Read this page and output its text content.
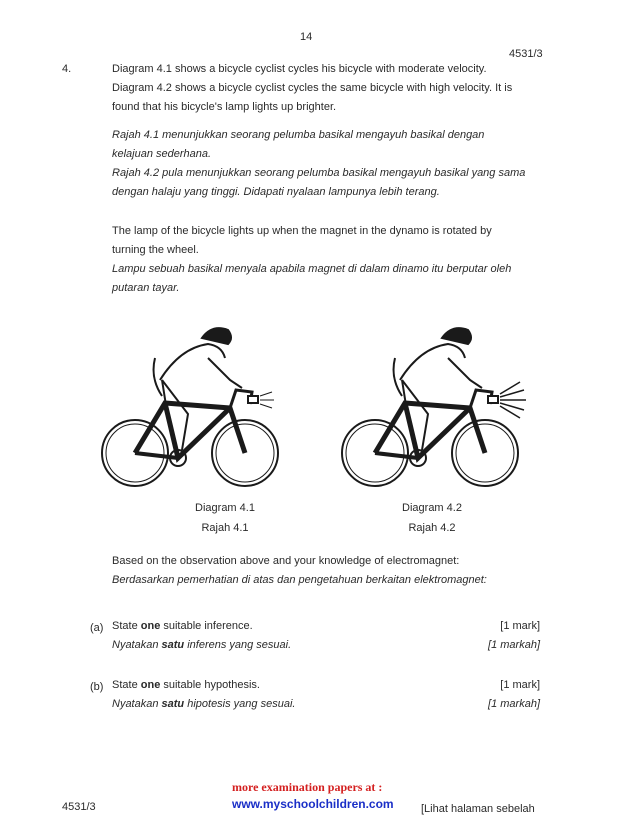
14
4531/3
4.	Diagram 4.1 shows a bicycle cyclist cycles his bicycle with moderate velocity.
Diagram 4.2 shows a bicycle cyclist cycles the same bicycle with high velocity. It is
found that his bicycle's lamp lights up brighter.
Rajah 4.1 menunjukkan seorang pelumba basikal mengayuh basikal dengan
kelajuan sederhana.
Rajah 4.2 pula menunjukkan seorang pelumba basikal mengayuh basikal yang sama
dengan halaju yang tinggi. Didapati nyalaan lampunya lebih terang.
The lamp of the bicycle lights up when the magnet in the dynamo is rotated by
turning the wheel.
Lampu sebuah basikal menyala apabila magnet di dalam dinamo itu berputar oleh
putaran tayar.
Diagram 4.1
Rajah 4.1
Diagram 4.2
Rajah 4.2
Based on the observation above and your knowledge of electromagnet:
Berdasarkan pemerhatian di atas dan pengetahuan berkaitan elektromagnet:
(a) State one suitable inference.
Nyatakan satu inferens yang sesuai.
[1 mark]
[1 markah]
(b) State one suitable hypothesis.
Nyatakan satu hipotesis yang sesuai.
[1 mark]
[1 markah]
4531/3
more examination papers at :
www.myschoolchildren.com [Lihat halaman sebelah
